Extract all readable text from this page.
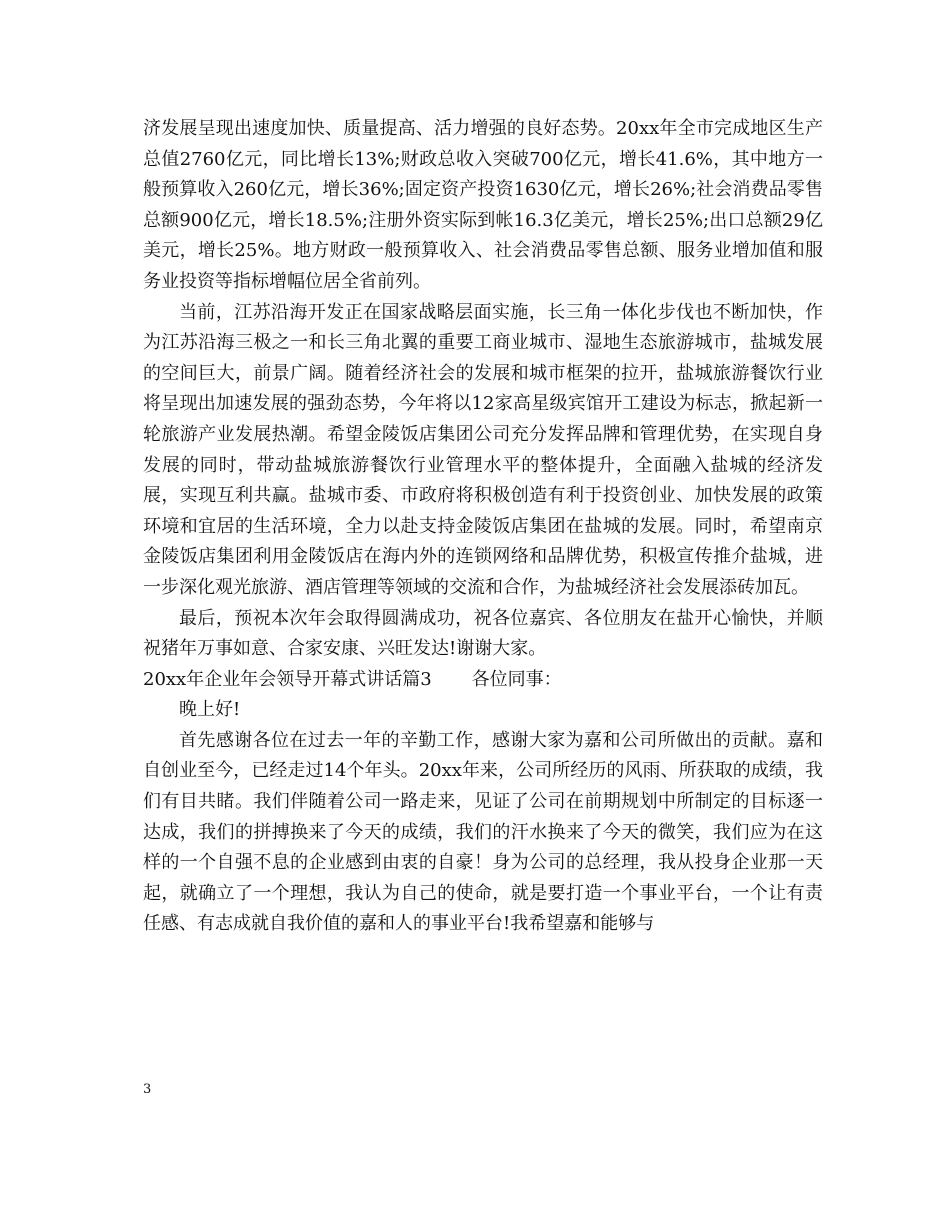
济发展呈现出速度加快、质量提高、活力增强的良好态势。20xx年全市完成地区生产总值2760亿元，同比增长13%;财政总收入突破700亿元，增长41.6%，其中地方一般预算收入260亿元，增长36%;固定资产投资1630亿元，增长26%;社会消费品零售总额900亿元，增长18.5%;注册外资实际到帐16.3亿美元，增长25%;出口总额29亿美元，增长25%。地方财政一般预算收入、社会消费品零售总额、服务业增加值和服务业投资等指标增幅位居全省前列。

当前，江苏沿海开发正在国家战略层面实施，长三角一体化步伐也不断加快，作为江苏沿海三极之一和长三角北翼的重要工商业城市、湿地生态旅游城市，盐城发展的空间巨大，前景广阔。随着经济社会的发展和城市框架的拉开，盐城旅游餐饮行业将呈现出加速发展的强劲态势，今年将以12家高星级宾馆开工建设为标志，掀起新一轮旅游产业发展热潮。希望金陵饭店集团公司充分发挥品牌和管理优势，在实现自身发展的同时，带动盐城旅游餐饮行业管理水平的整体提升，全面融入盐城的经济发展，实现互利共赢。盐城市委、市政府将积极创造有利于投资创业、加快发展的政策环境和宜居的生活环境，全力以赴支持金陵饭店集团在盐城的发展。同时，希望南京金陵饭店集团利用金陵饭店在海内外的连锁网络和品牌优势，积极宣传推介盐城，进一步深化观光旅游、酒店管理等领域的交流和合作，为盐城经济社会发展添砖加瓦。

最后，预祝本次年会取得圆满成功，祝各位嘉宾、各位朋友在盐开心愉快，并顺祝猪年万事如意、合家安康、兴旺发达!谢谢大家。

20xx年企业年会领导开幕式讲话篇3 各位同事：

晚上好!

首先感谢各位在过去一年的辛勤工作，感谢大家为嘉和公司所做出的贡献。嘉和自创业至今，已经走过14个年头。20xx年来，公司所经历的风雨、所获取的成绩，我们有目共睹。我们伴随着公司一路走来，见证了公司在前期规划中所制定的目标逐一达成，我们的拼搏换来了今天的成绩，我们的汗水换来了今天的微笑，我们应为在这样的一个自强不息的企业感到由衷的自豪！身为公司的总经理，我从投身企业那一天起，就确立了一个理想，我认为自己的使命，就是要打造一个事业平台，一个让有责任感、有志成就自我价值的嘉和人的事业平台!我希望嘉和能够与

3
